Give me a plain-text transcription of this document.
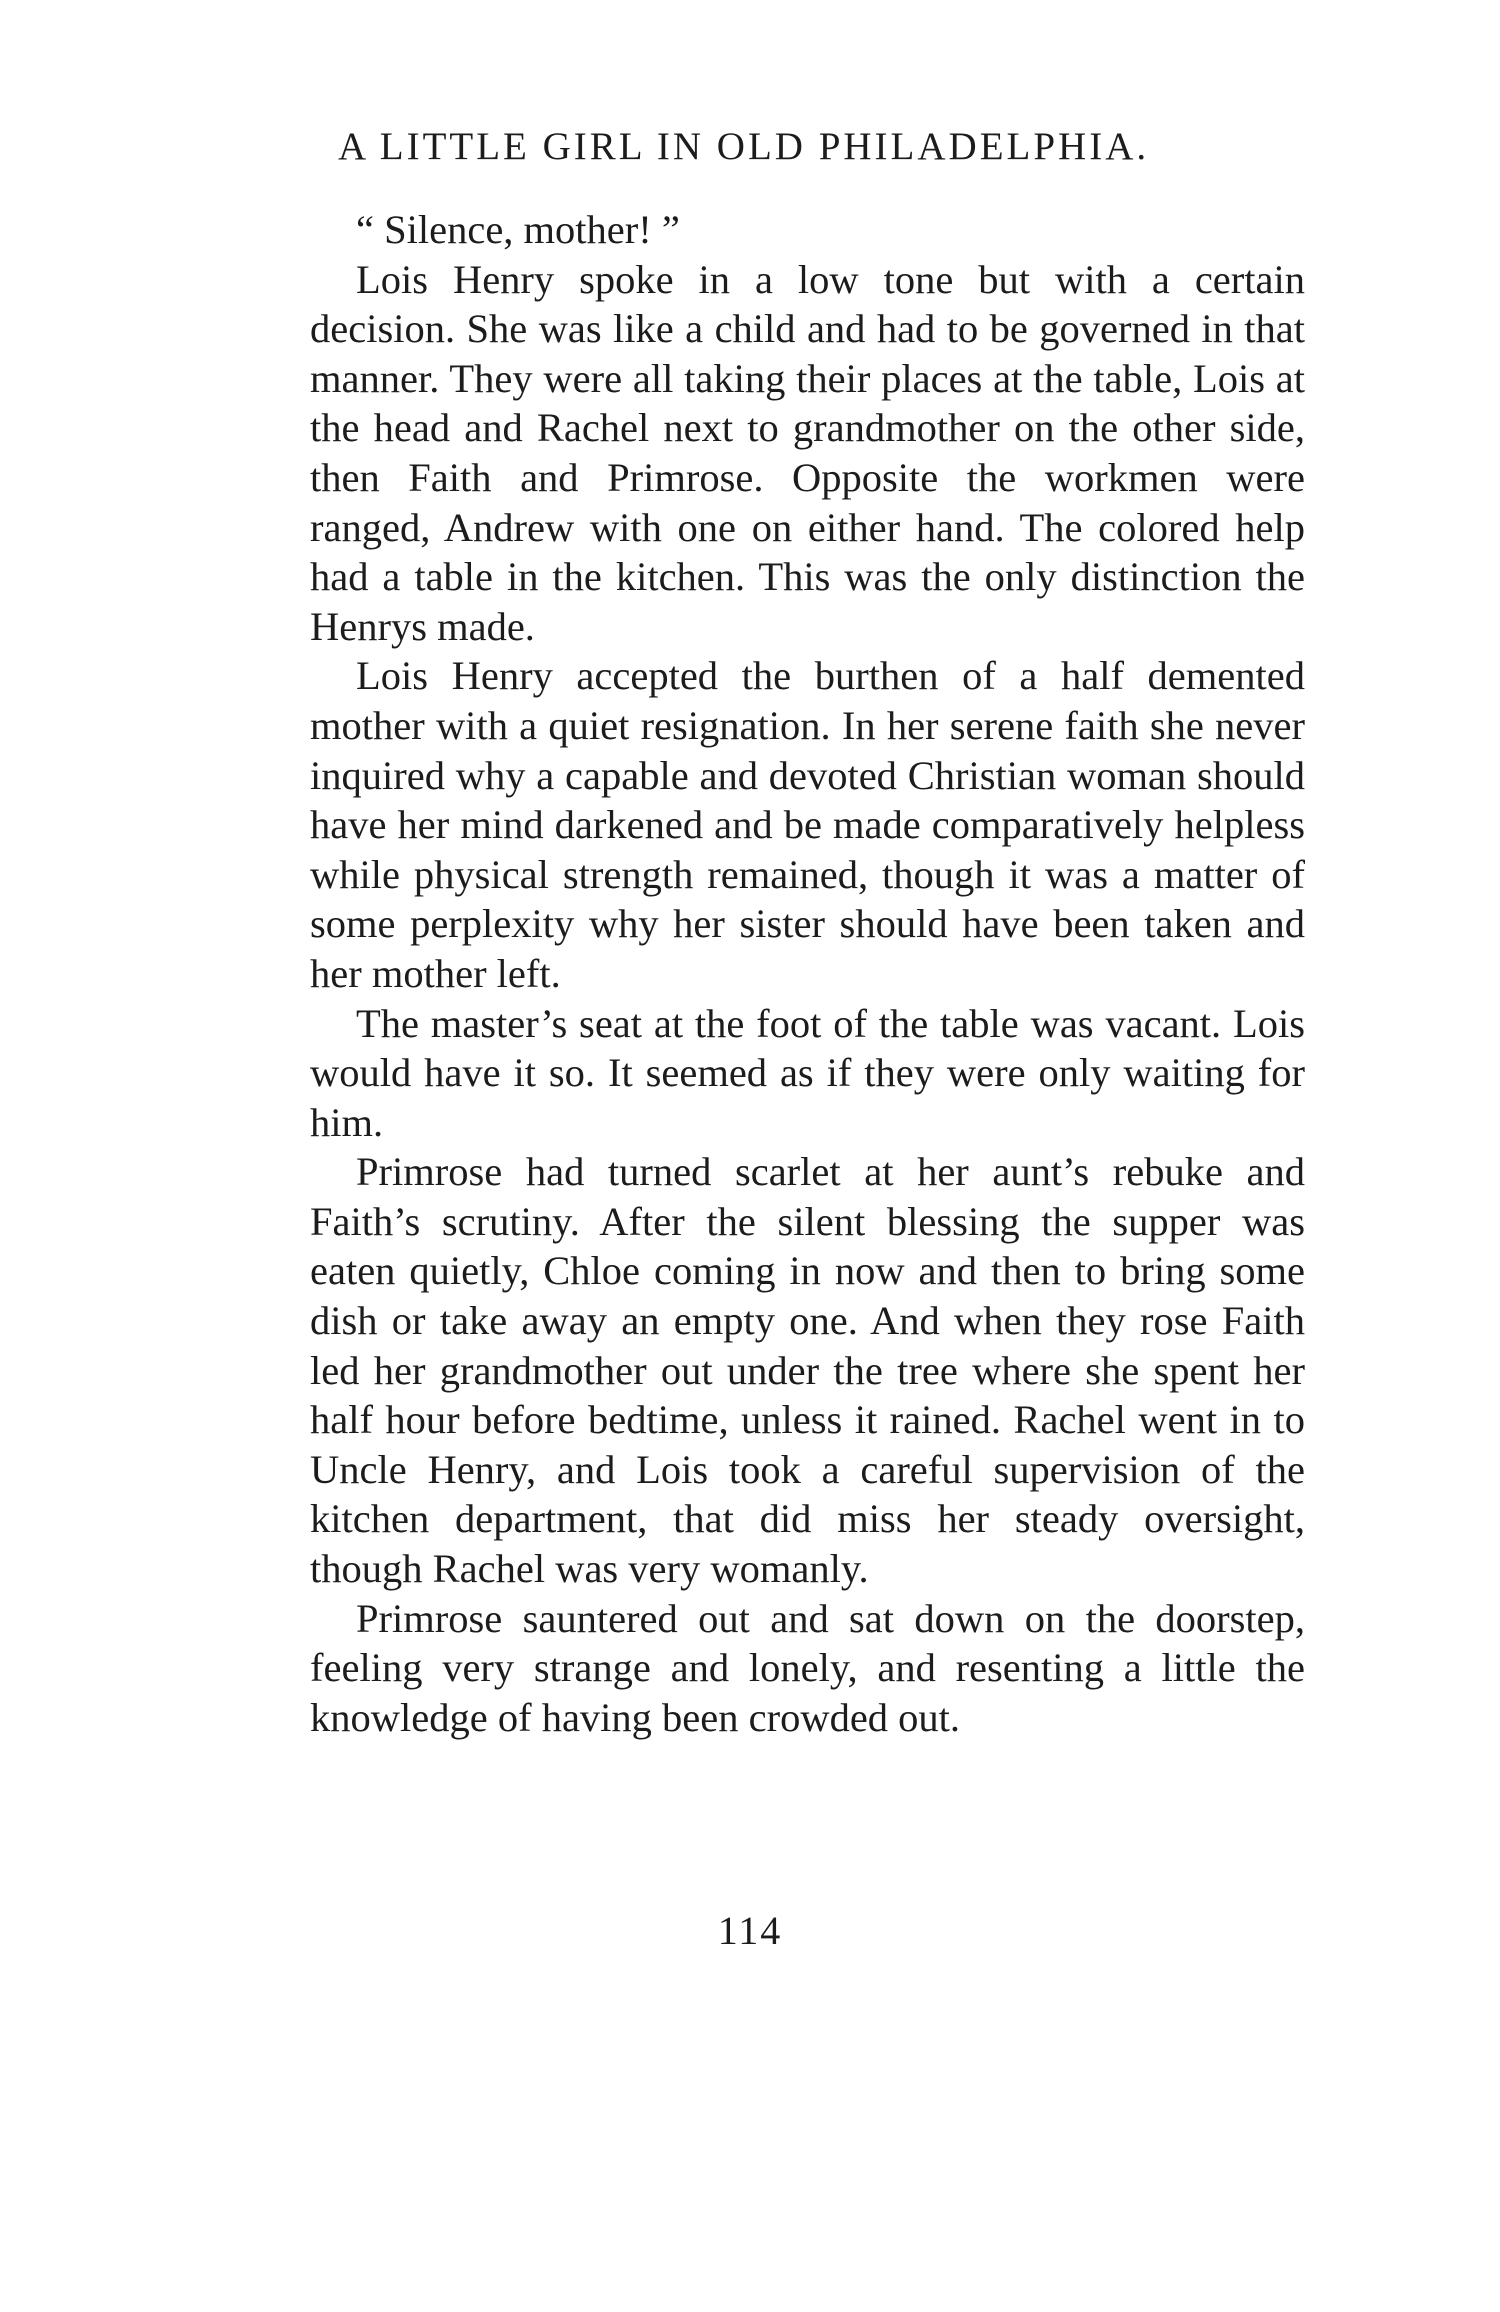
A LITTLE GIRL IN OLD PHILADELPHIA.

“ Silence, mother! ”

Lois Henry spoke in a low tone but with a certain decision. She was like a child and had to be governed in that manner. They were all taking their places at the table, Lois at the head and Rachel next to grandmother on the other side, then Faith and Primrose. Opposite the workmen were ranged, Andrew with one on either hand. The colored help had a table in the kitchen. This was the only distinction the Henrys made.

Lois Henry accepted the burthen of a half demented mother with a quiet resignation. In her serene faith she never inquired why a capable and devoted Christian woman should have her mind darkened and be made comparatively helpless while physical strength remained, though it was a matter of some perplexity why her sister should have been taken and her mother left.

The master’s seat at the foot of the table was vacant. Lois would have it so. It seemed as if they were only waiting for him.

Primrose had turned scarlet at her aunt’s rebuke and Faith’s scrutiny. After the silent blessing the supper was eaten quietly, Chloe coming in now and then to bring some dish or take away an empty one. And when they rose Faith led her grandmother out under the tree where she spent her half hour before bedtime, unless it rained. Rachel went in to Uncle Henry, and Lois took a careful supervision of the kitchen department, that did miss her steady oversight, though Rachel was very womanly.

Primrose sauntered out and sat down on the doorstep, feeling very strange and lonely, and resenting a little the knowledge of having been crowded out.

114
